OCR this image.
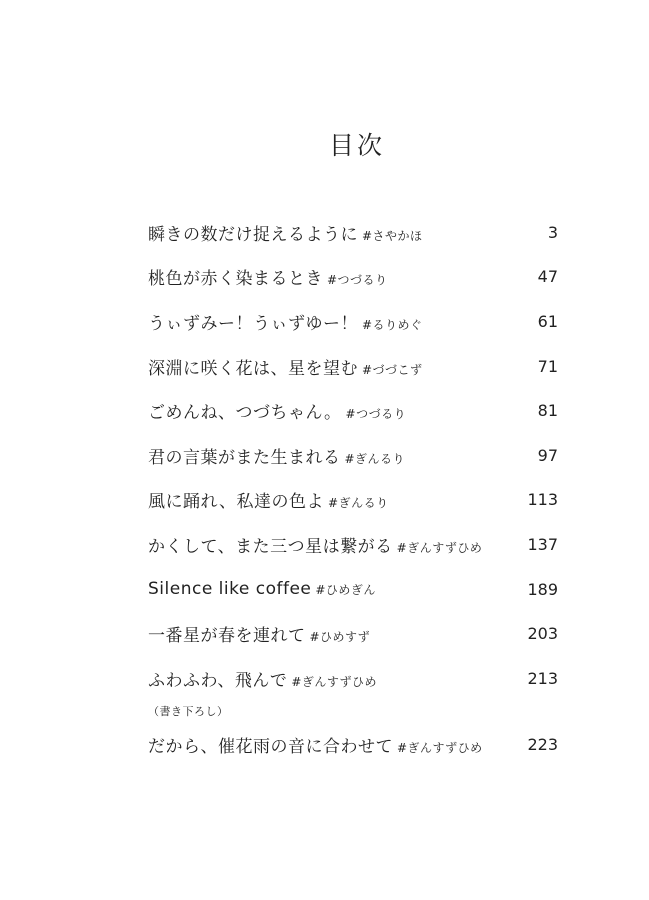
目次
瞬きの数だけ捉えるように #さやかほ	3
桃色が赤く染まるとき #つづるり	47
うぃずみー！うぃずゆー！ #るりめぐ	61
深淵に咲く花は、星を望む #づづこず	71
ごめんね、つづちゃん。 #つづるり	81
君の言葉がまた生まれる #ぎんるり	97
風に踊れ、私達の色よ #ぎんるり	113
かくして、また三つ星は繋がる #ぎんすずひめ	137
Silence like coffee #ひめぎん	189
一番星が春を連れて #ひめすず	203
ふわふわ、飛んで #ぎんすずひめ	213
（書き下ろし）
だから、催花雨の音に合わせて #ぎんすずひめ	223
